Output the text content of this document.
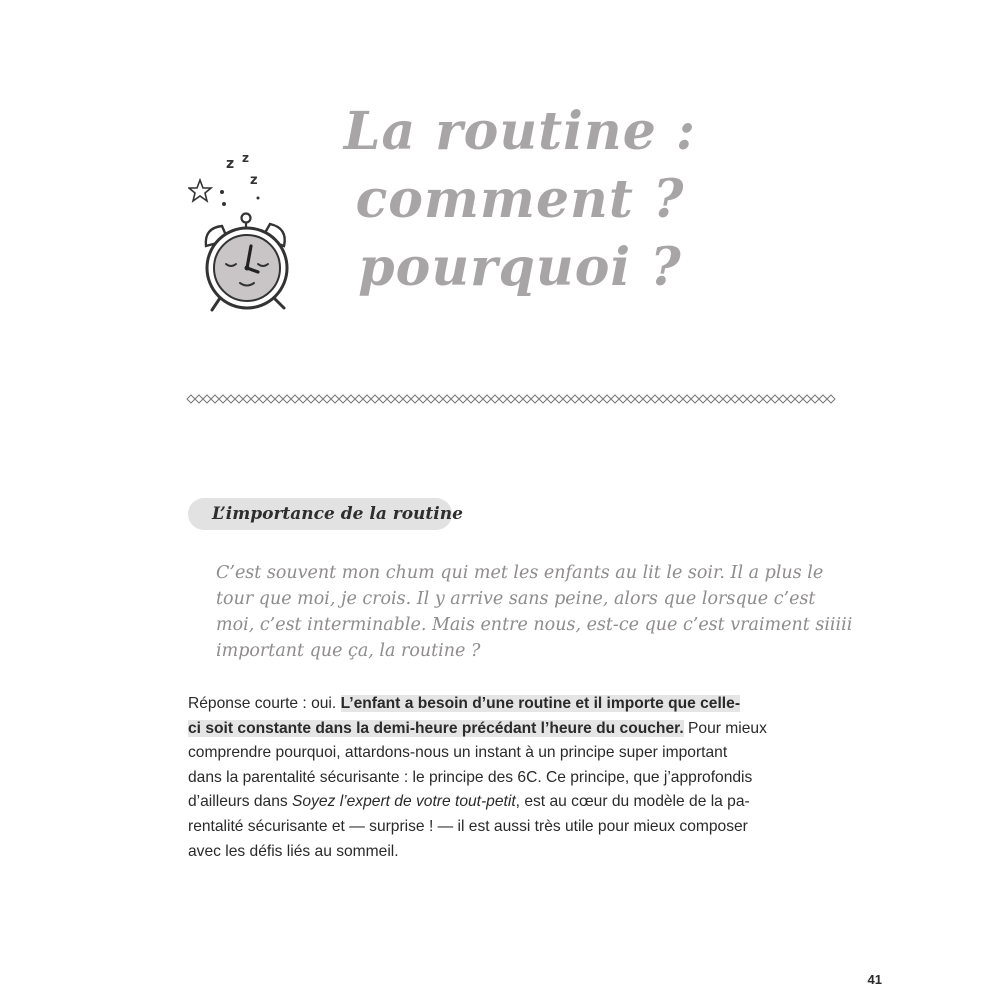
z z
z
La routine :
comment ?
pourquoi ?
L’importance de la routine
C’est souvent mon chum qui met les enfants au lit le soir. Il a plus le
tour que moi, je crois. Il y arrive sans peine, alors que lorsque c’est
moi, c’est interminable. Mais entre nous, est-ce que c’est vraiment siiiii
important que ça, la routine ?
Réponse courte : oui. L’enfant a besoin d’une routine et il importe que celle-
ci soit constante dans la demi-heure précédant l’heure du coucher. Pour mieux
comprendre pourquoi, attardons-nous un instant à un principe super important
dans la parentalité sécurisante : le principe des 6C. Ce principe, que j’approfondis
d’ailleurs dans Soyez l’expert de votre tout-petit, est au cœur du modèle de la pa-
rentalité sécurisante et — surprise ! — il est aussi très utile pour mieux composer
avec les défis liés au sommeil.
41
